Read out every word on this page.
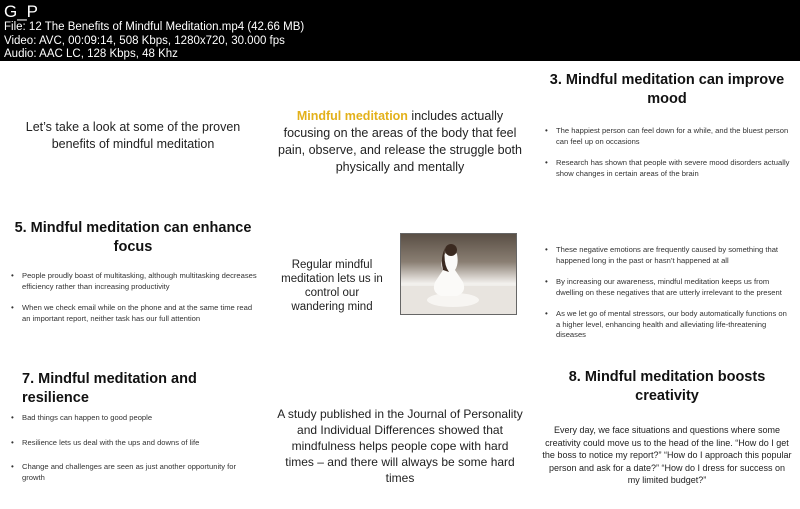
G_P
File: 12 The Benefits of Mindful Meditation.mp4 (42.66 MB)
Video: AVC, 00:09:14, 508 Kbps, 1280x720, 30.000 fps
Audio: AAC LC, 128 Kbps, 48 Khz
Let’s take a look at some of the proven benefits of mindful meditation
Mindful meditation includes actually focusing on the areas of the body that feel pain, observe, and release the struggle both physically and mentally
3. Mindful meditation can improve mood
• The happiest person can feel down for a while, and the bluest person can feel up on occasions
• Research has shown that people with severe mood disorders actually show changes in certain areas of the brain
5. Mindful meditation can enhance focus
• People proudly boast of multitasking, although multitasking decreases efficiency rather than increasing productivity
• When we check email while on the phone and at the same time read an important report, neither task has our full attention
Regular mindful meditation lets us in control our wandering mind
• These negative emotions are frequently caused by something that happened long in the past or hasn’t happened at all
• By increasing our awareness, mindful meditation keeps us from dwelling on these negatives that are utterly irrelevant to the present
• As we let go of mental stressors, our body automatically functions on a higher level, enhancing health and alleviating life-threatening diseases
7. Mindful meditation and resilience
• Bad things can happen to good people
• Resilience lets us deal with the ups and downs of life
• Change and challenges are seen as just another opportunity for growth
A study published in the Journal of Personality and Individual Differences showed that mindfulness helps people cope with hard times – and there will always be some hard times
8. Mindful meditation boosts creativity
Every day, we face situations and questions where some creativity could move us to the head of the line. “How do I get the boss to notice my report?” “How do I approach this popular person and ask for a date?” “How do I dress for success on my limited budget?”
